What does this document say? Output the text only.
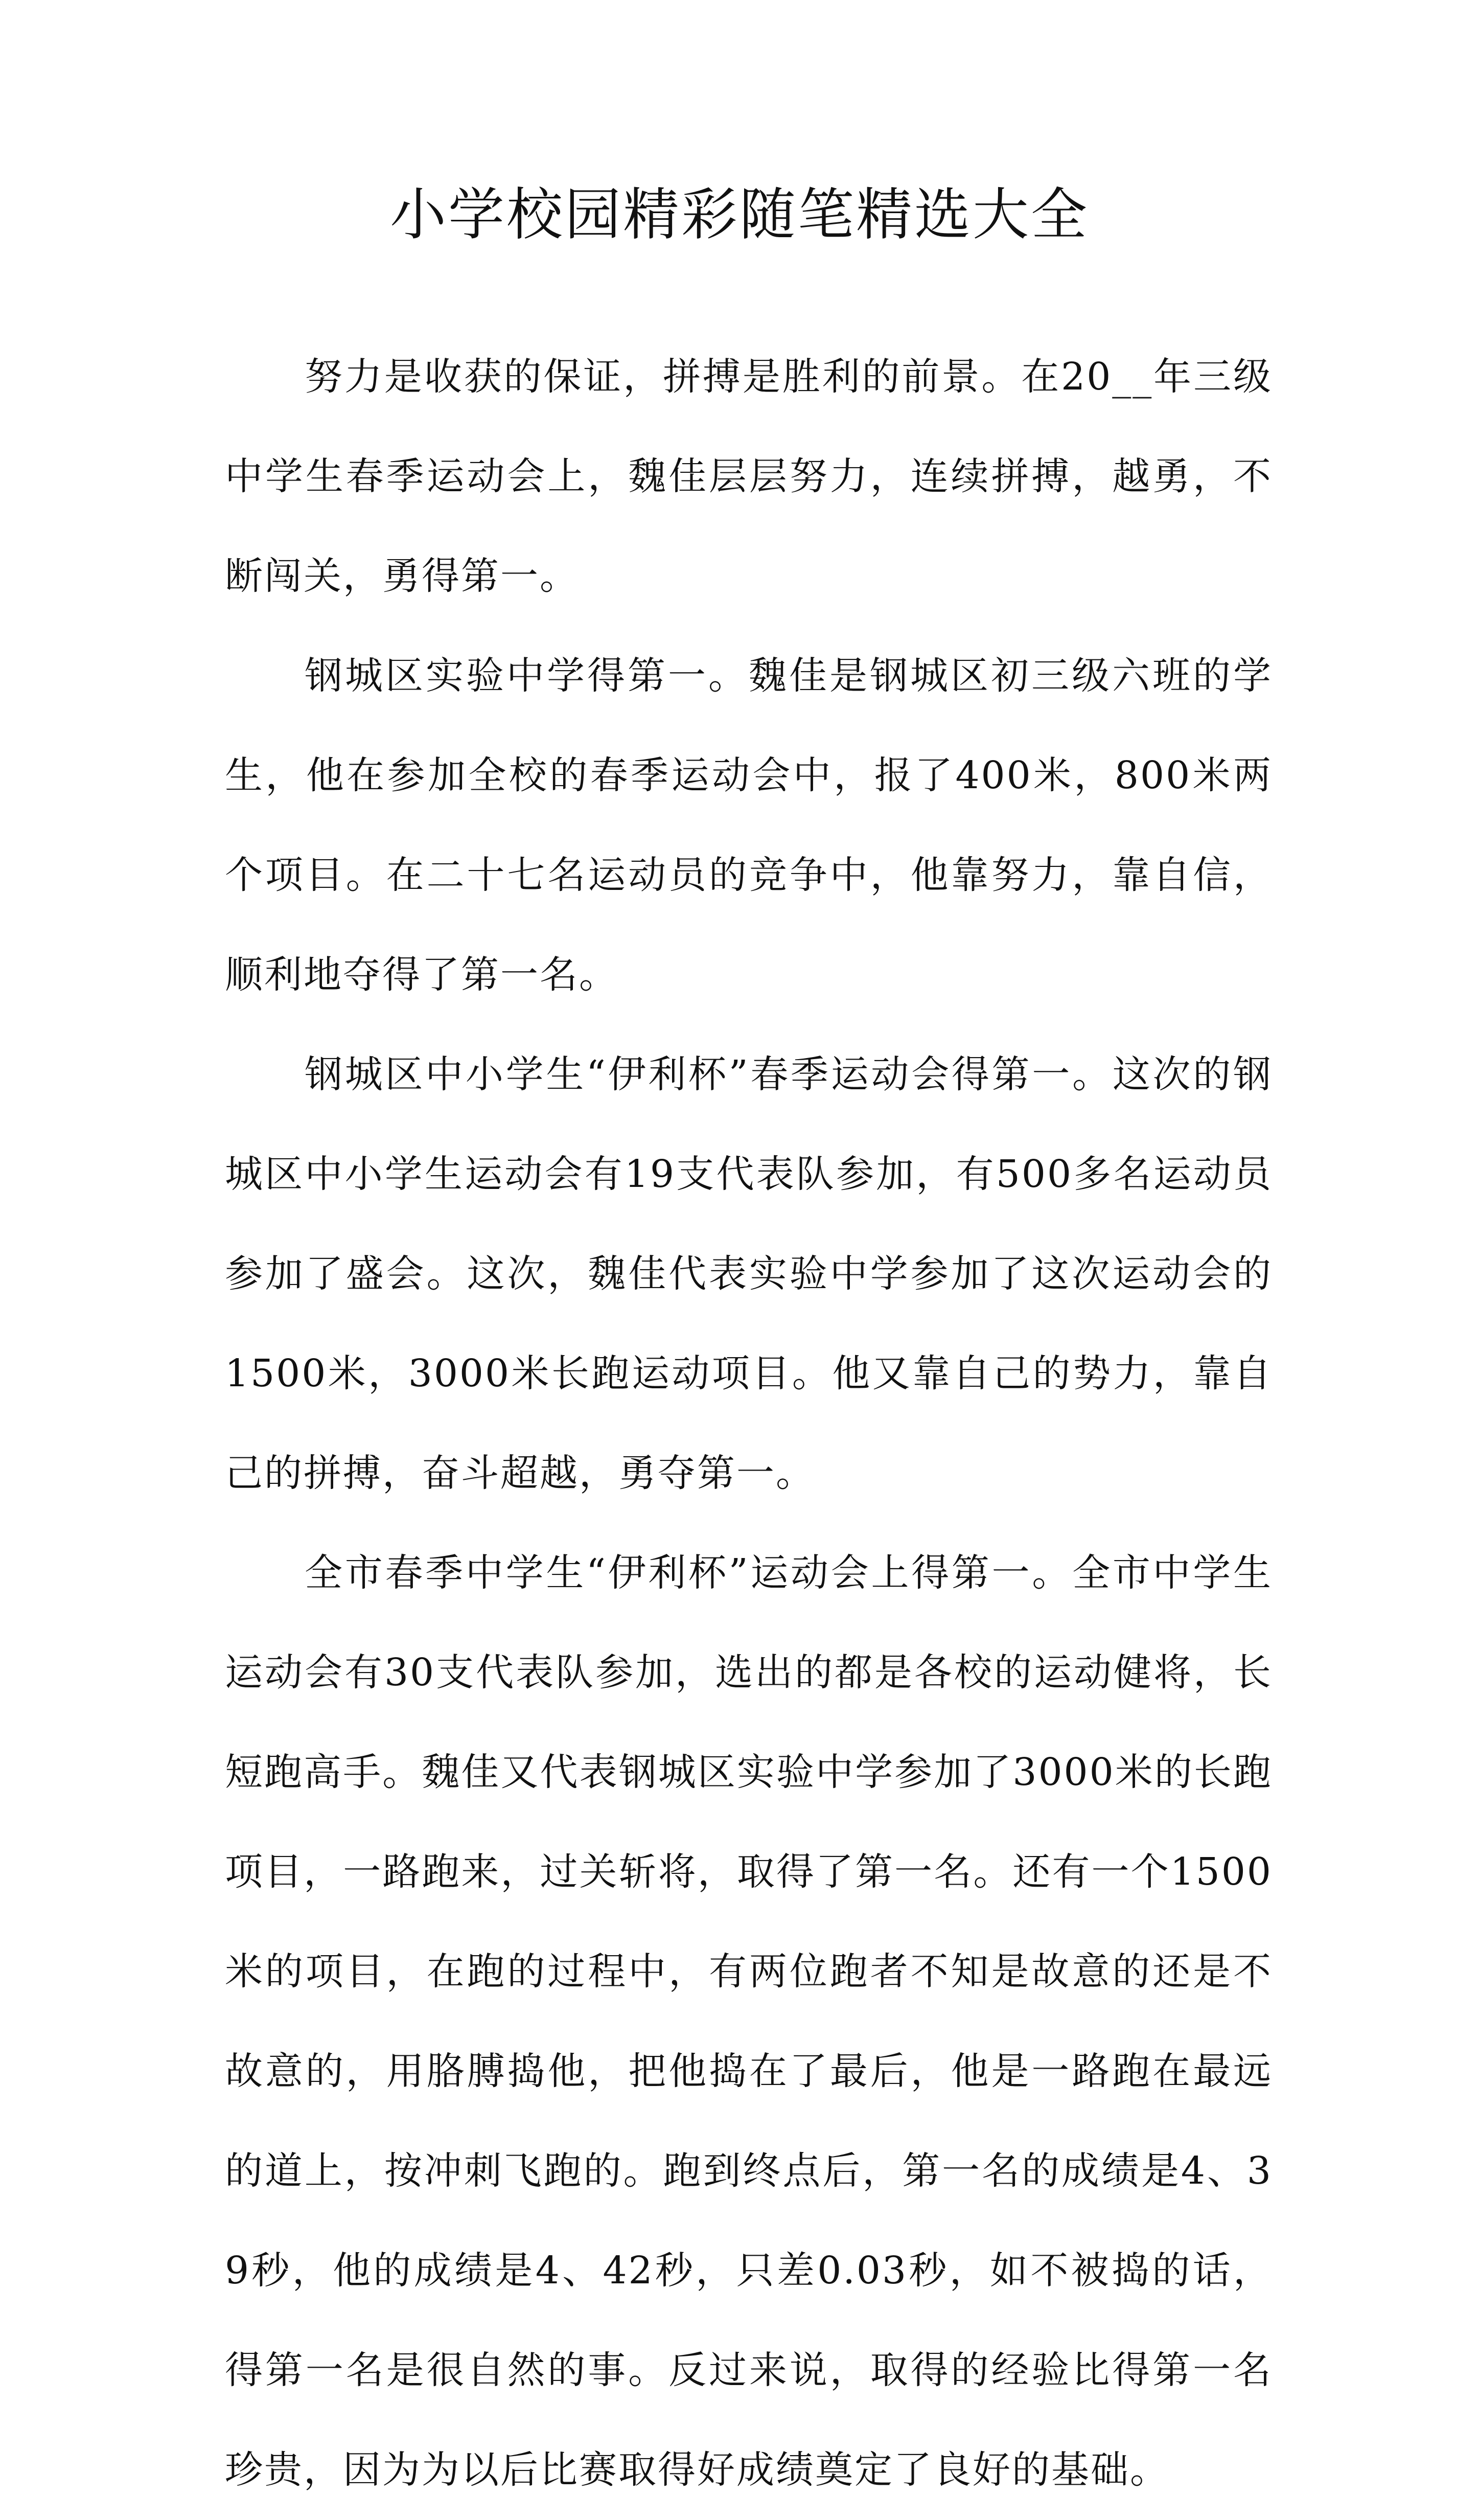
小学校园精彩随笔精选大全

努力是收获的保证，拼搏是胜利的前景。在20__年三级中学生春季运动会上，魏佳层层努力，连续拼搏，越勇，不断闯关，勇得第一。

钢城区实验中学得第一。魏佳是钢城区初三级六班的学生，他在参加全校的春季运动会中，报了400米，800米两个项目。在二十七名运动员的竞争中，他靠努力，靠自信，顺利地夺得了第一名。

钢城区中小学生“伊利杯”春季运动会得第一。这次的钢城区中小学生运动会有19支代表队参加，有500多名运动员参加了盛会。这次，魏佳代表实验中学参加了这次运动会的1500米，3000米长跑运动项目。他又靠自己的势力，靠自己的拼搏，奋斗超越，勇夺第一。

全市春季中学生“伊利杯”运动会上得第一。全市中学生运动会有30支代表队参加，选出的都是各校的运动健将，长短跑高手。魏佳又代表钢城区实验中学参加了3000米的长跑项目，一路跑来，过关斩将，取得了第一名。还有一个1500米的项目，在跑的过程中，有两位跑者不知是故意的还是不故意的，用胳膊捣他，把他捣在了最后，他是一路跑在最远的道上，按冲刺飞跑的。跑到终点后，第一名的成绩是4、39秒，他的成绩是4、42秒，只差0.03秒，如不被捣的话，得第一名是很自然的事。反过来说，取得的经验比得第一名珍贵，因为为以后比赛取得好成绩奠定了良好的基础。
